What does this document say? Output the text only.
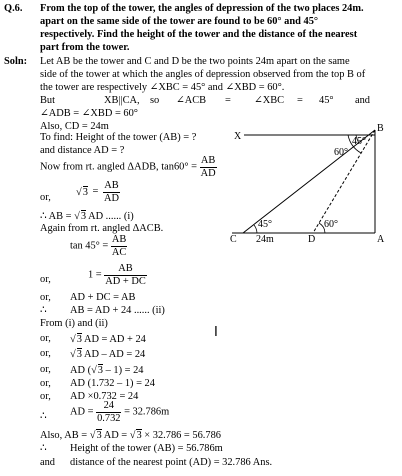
Q.6. From the top of the tower, the angles of depression of the two places 24m.
apart on the same side of the tower are found to be 60° and 45°
respectively. Find the height of the tower and the distance of the nearest
part from the tower.
Soln: Let AB be the tower and C and D be the two points 24m apart on the same
side of the tower at which the angles of depression observed from the top B of
the tower are respectively ∠XBC = 45° and ∠XBD = 60°.
But	XB||CA, so ∠ACB = ∠XBC = 45° and
∠ADB = ∠XBD = 60°
Also, CD = 24m
To find: Height of the tower (AB) = ?
and distance AD = ?
Now from rt. angled ΔADB, $\tan 60^\circ = \frac{AB}{AD}$
or, $√3 = \frac{AB}{AD}$
∴ AB = √3 AD ...... (i)
Again from rt. angled ΔACB.
$\tan 45^\circ = \frac{AB}{AC}$
or,	$1 = \frac{AB}{AD + DC}$
or, AD + DC = AB
∴ AB = AD + 24 ...... (ii)
From (i) and (ii)
or, √3 AD = AD + 24
or, √3 AD – AD = 24
or, AD (√3 – 1) = 24
or, AD (1.732 – 1) = 24
or, AD ×0.732 = 24
∴ AD = $\frac{24}{0.732} = 32.786m$
Also, AB = √3 AD = √3 × 32.786 = 56.786
∴ Height of the tower (AB) = 56.786m
and distance of the nearest point (AD) = 32.786 Ans.
I
X
B
C	D	A
60°
45°
45°	60°
24m
